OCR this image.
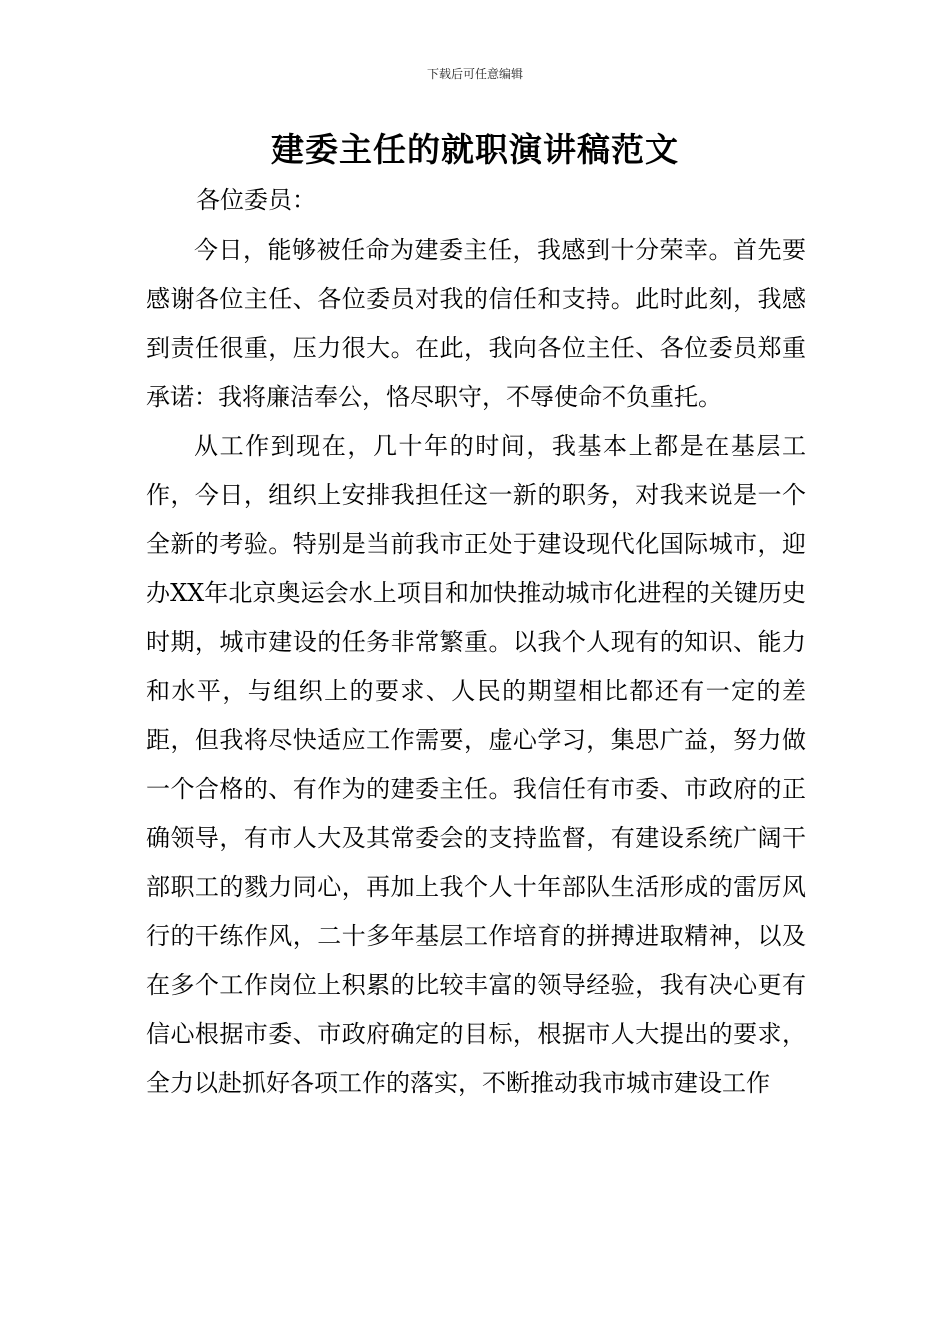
下载后可任意编辑
建委主任的就职演讲稿范文

各位委员：

今日，能够被任命为建委主任，我感到十分荣幸。首先要感谢各位主任、各位委员对我的信任和支持。此时此刻，我感到责任很重，压力很大。在此，我向各位主任、各位委员郑重承诺：我将廉洁奉公，恪尽职守，不辱使命不负重托。

从工作到现在，几十年的时间，我基本上都是在基层工作，今日，组织上安排我担任这一新的职务，对我来说是一个全新的考验。特别是当前我市正处于建设现代化国际城市，迎办XX年北京奥运会水上项目和加快推动城市化进程的关键历史时期，城市建设的任务非常繁重。以我个人现有的知识、能力和水平，与组织上的要求、人民的期望相比都还有一定的差距，但我将尽快适应工作需要，虚心学习，集思广益，努力做一个合格的、有作为的建委主任。我信任有市委、市政府的正确领导，有市人大及其常委会的支持监督，有建设系统广阔干部职工的戮力同心，再加上我个人十年部队生活形成的雷厉风行的干练作风，二十多年基层工作培育的拼搏进取精神，以及在多个工作岗位上积累的比较丰富的领导经验，我有决心更有信心根据市委、市政府确定的目标，根据市人大提出的要求，全力以赴抓好各项工作的落实，不断推动我市城市建设工作
